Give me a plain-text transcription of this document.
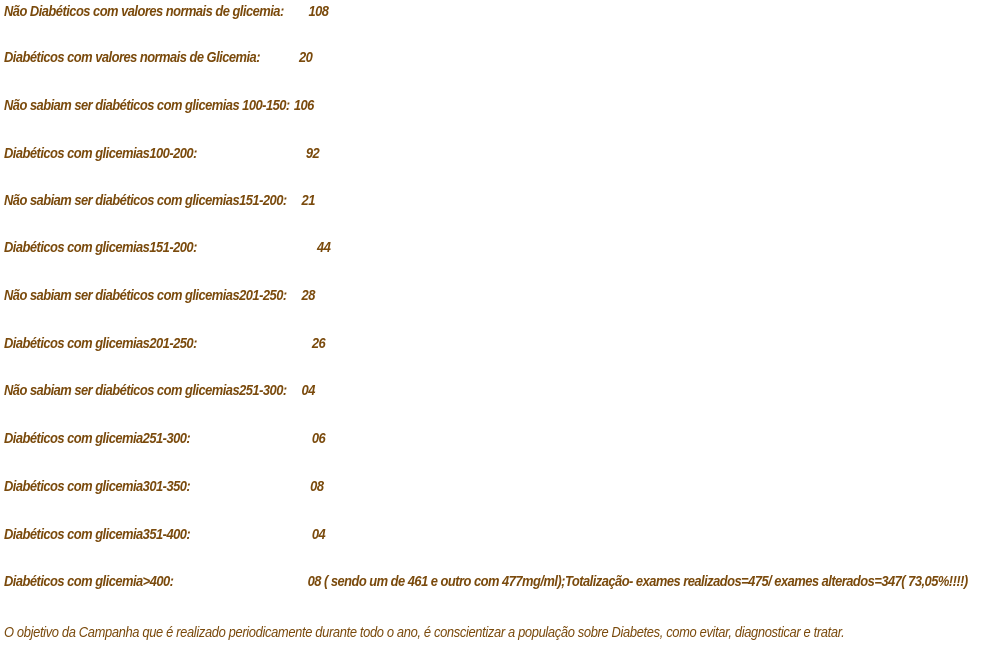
Não Diabéticos com valores normais de glicemia: 108
Diabéticos com valores normais de Glicemia:	20
Não sabiam ser diabéticos com glicemias 100-150: 106
Diabéticos com glicemias100-200:	92
Não sabiam ser diabéticos com glicemias151-200: 21
Diabéticos com glicemias151-200:	44
Não sabiam ser diabéticos com glicemias201-250: 28
Diabéticos com glicemias201-250:	26
Não sabiam ser diabéticos com glicemias251-300: 04
Diabéticos com glicemia251-300:	06
Diabéticos com glicemia301-350:	08
Diabéticos com glicemia351-400:	04
Diabéticos com glicemia>400:	08 ( sendo um de 461 e outro com 477mg/ml);Totalização- exames realizados=475/ exames alterados=347( 73,05%!!!!)
O objetivo da Campanha que é realizado periodicamente durante todo o ano, é conscientizar a população sobre Diabetes, como evitar, diagnosticar e tratar.
